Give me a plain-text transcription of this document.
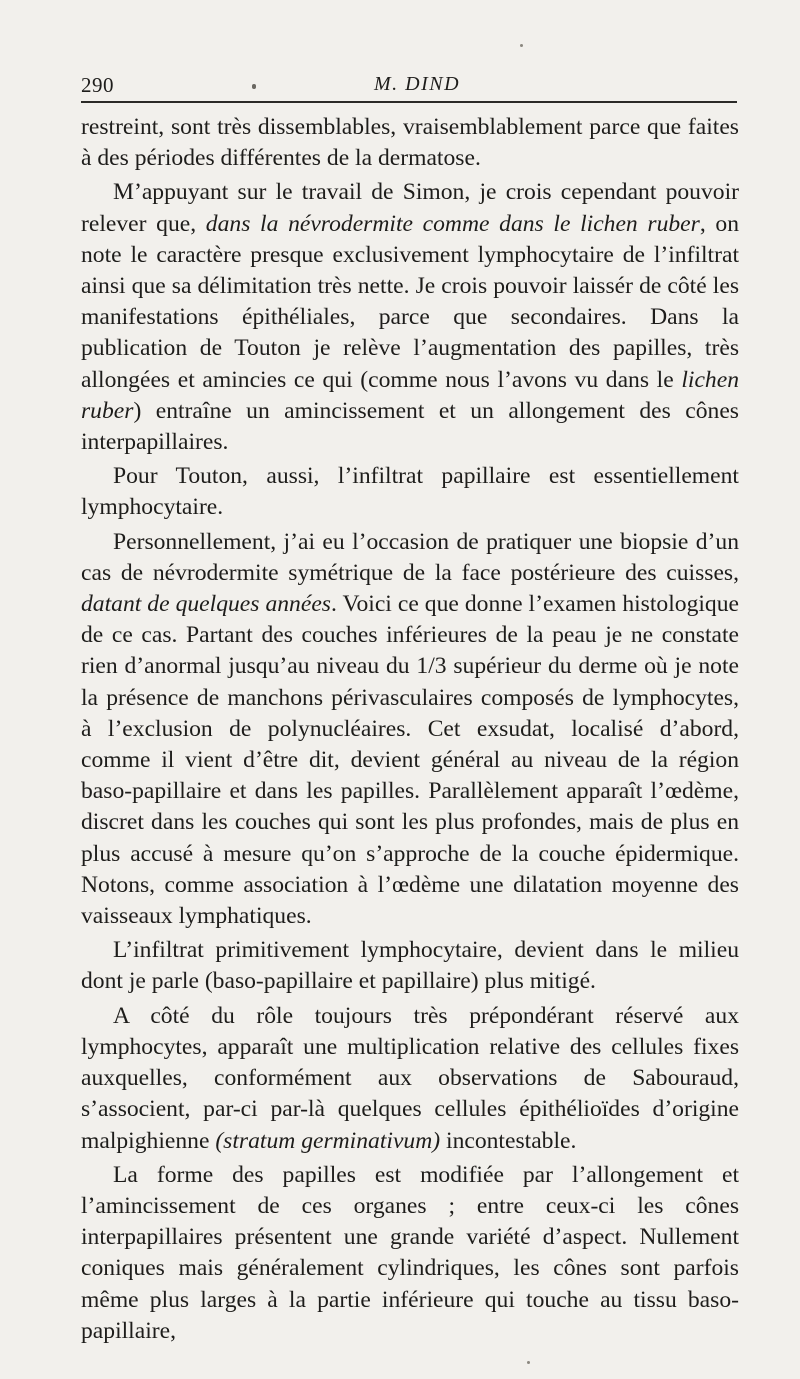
290	M. DIND

restreint, sont très dissemblables, vraisemblablement parce que faites à des périodes différentes de la dermatose.

M’appuyant sur le travail de Simon, je crois cependant pouvoir relever que, dans la névrodermite comme dans le lichen ruber, on note le caractère presque exclusivement lymphocytaire de l’infiltrat ainsi que sa délimitation très nette. Je crois pouvoir laissér de côté les manifestations épithéliales, parce que secondaires. Dans la publication de Touton je relève l’augmentation des papilles, très allongées et amincies ce qui (comme nous l’avons vu dans le lichen ruber) entraîne un amincissement et un allongement des cônes interpapillaires.

Pour Touton, aussi, l’infiltrat papillaire est essentiellement lymphocytaire.

Personnellement, j’ai eu l’occasion de pratiquer une biopsie d’un cas de névrodermite symétrique de la face postérieure des cuisses, datant de quelques années. Voici ce que donne l’examen histologique de ce cas. Partant des couches inférieures de la peau je ne constate rien d’anormal jusqu’au niveau du 1/3 supérieur du derme où je note la présence de manchons périvasculaires composés de lymphocytes, à l’exclusion de polynucléaires. Cet exsudat, localisé d’abord, comme il vient d’être dit, devient général au niveau de la région baso-papillaire et dans les papilles. Parallèlement apparaît l’œdème, discret dans les couches qui sont les plus profondes, mais de plus en plus accusé à mesure qu’on s’approche de la couche épidermique. Notons, comme association à l’œdème une dilatation moyenne des vaisseaux lymphatiques.

L’infiltrat primitivement lymphocytaire, devient dans le milieu dont je parle (baso-papillaire et papillaire) plus mitigé.

A côté du rôle toujours très prépondérant réservé aux lymphocytes, apparaît une multiplication relative des cellules fixes auxquelles, conformément aux observations de Sabouraud, s’associent, par-ci par-là quelques cellules épithélioïdes d’origine malpighienne (stratum germinativum) incontestable.

La forme des papilles est modifiée par l’allongement et l’amincissement de ces organes ; entre ceux-ci les cônes interpapillaires présentent une grande variété d’aspect. Nullement coniques mais généralement cylindriques, les cônes sont parfois même plus larges à la partie inférieure qui touche au tissu baso-papillaire,
